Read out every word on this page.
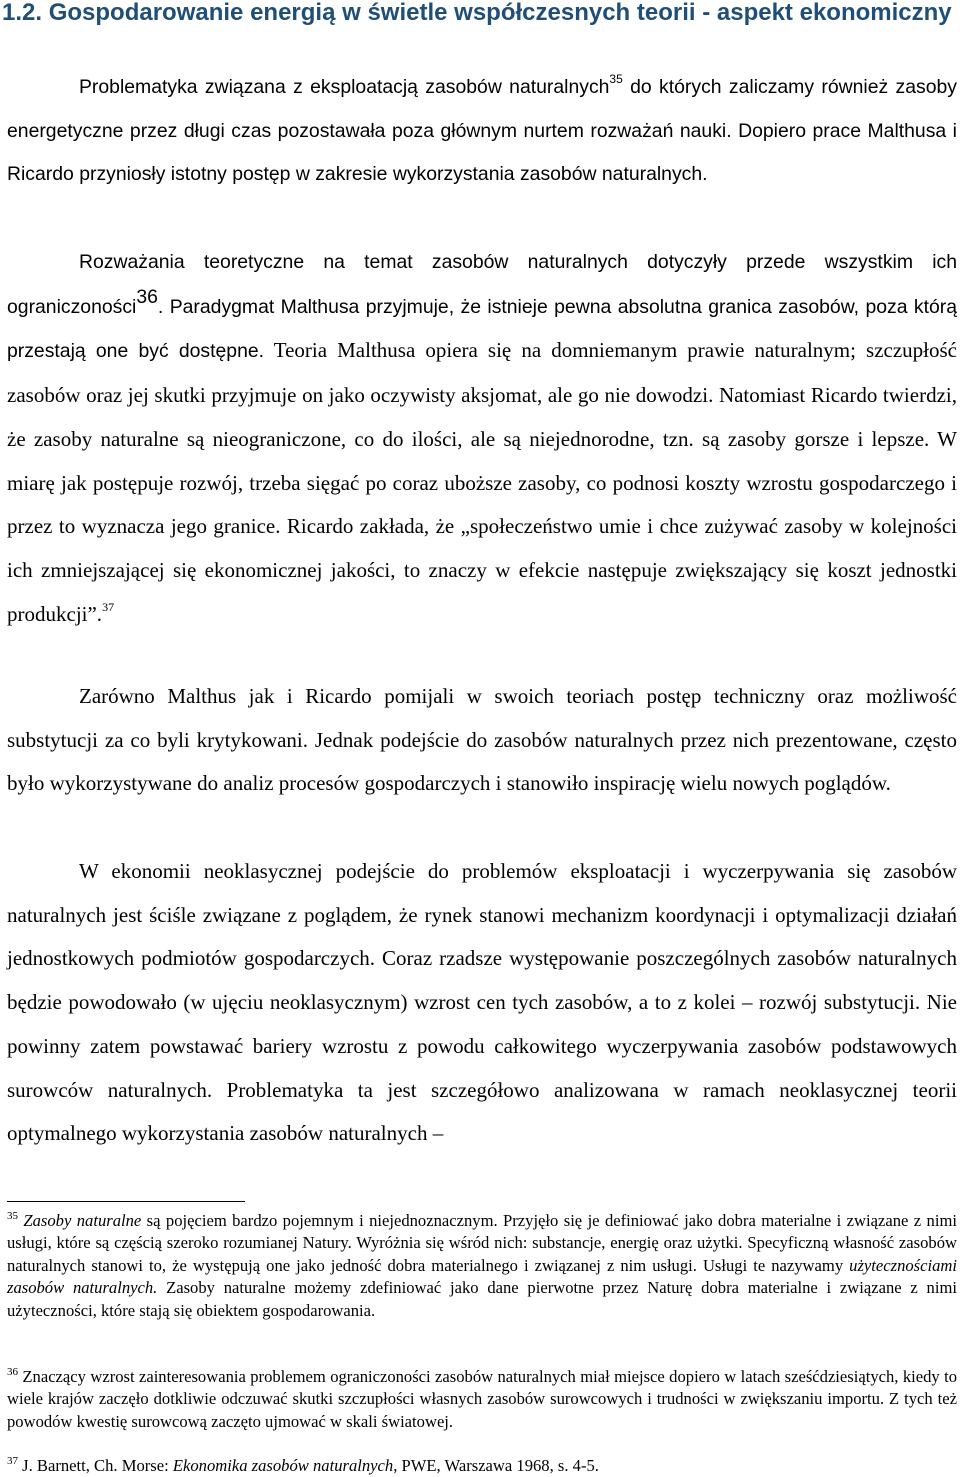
1.2. Gospodarowanie energią w świetle współczesnych teorii - aspekt ekonomiczny

Problematyka związana z eksploatacją zasobów naturalnych$^{35}$ do których zaliczamy również zasoby energetyczne przez długi czas pozostawała poza głównym nurtem rozważań nauki. Dopiero prace Malthusa i Ricardo przyniosły istotny postęp w zakresie wykorzystania zasobów naturalnych.

Rozważania teoretyczne na temat zasobów naturalnych dotyczyły przede wszystkim ich ograniczoności$^{36}$. Paradygmat Malthusa przyjmuje, że istnieje pewna absolutna granica zasobów, poza którą przestają one być dostępne. Teoria Malthusa opiera się na domniemanym prawie naturalnym; szczupłość zasobów oraz jej skutki przyjmuje on jako oczywisty aksjomat, ale go nie dowodzi. Natomiast Ricardo twierdzi, że zasoby naturalne są nieograniczone, co do ilości, ale są niejednorodne, tzn. są zasoby gorsze i lepsze. W miarę jak postępuje rozwój, trzeba sięgać po coraz uboższe zasoby, co podnosi koszty wzrostu gospodarczego i przez to wyznacza jego granice. Ricardo zakłada, że „społeczeństwo umie i chce zużywać zasoby w kolejności ich zmniejszającej się ekonomicznej jakości, to znaczy w efekcie następuje zwiększający się koszt jednostki produkcji”.$^{37}$

Zarówno Malthus jak i Ricardo pomijali w swoich teoriach postęp techniczny oraz możliwość substytucji za co byli krytykowani. Jednak podejście do zasobów naturalnych przez nich prezentowane, często było wykorzystywane do analiz procesów gospodarczych i stanowiło inspirację wielu nowych poglądów.

W ekonomii neoklasycznej podejście do problemów eksploatacji i wyczerpywania się zasobów naturalnych jest ściśle związane z poglądem, że rynek stanowi mechanizm koordynacji i optymalizacji działań jednostkowych podmiotów gospodarczych. Coraz rzadsze występowanie poszczególnych zasobów naturalnych będzie powodowało (w ujęciu neoklasycznym) wzrost cen tych zasobów, a to z kolei – rozwój substytucji. Nie powinny zatem powstawać bariery wzrostu z powodu całkowitego wyczerpywania zasobów podstawowych surowców naturalnych. Problematyka ta jest szczegółowo analizowana w ramach neoklasycznej teorii optymalnego wykorzystania zasobów naturalnych –

$^{35}$ Zasoby naturalne są pojęciem bardzo pojemnym i niejednoznacznym. Przyjęło się je definiować jako dobra materialne i związane z nimi usługi, które są częścią szeroko rozumianej Natury. Wyróżnia się wśród nich: substancje, energię oraz użytki. Specyficzną własność zasobów naturalnych stanowi to, że występują one jako jedność dobra materialnego i związanej z nim usługi. Usługi te nazywamy użytecznościami zasobów naturalnych. Zasoby naturalne możemy zdefiniować jako dane pierwotne przez Naturę dobra materialne i związane z nimi użyteczności, które stają się obiektem gospodarowania.

$^{36}$ Znaczący wzrost zainteresowania problemem ograniczoności zasobów naturalnych miał miejsce dopiero w latach sześćdziesiątych, kiedy to wiele krajów zaczęło dotkliwie odczuwać skutki szczupłości własnych zasobów surowcowych i trudności w zwiększaniu importu. Z tych też powodów kwestię surowcową zaczęto ujmować w skali światowej.

$^{37}$ J. Barnett, Ch. Morse: Ekonomika zasobów naturalnych, PWE, Warszawa 1968, s. 4-5.
